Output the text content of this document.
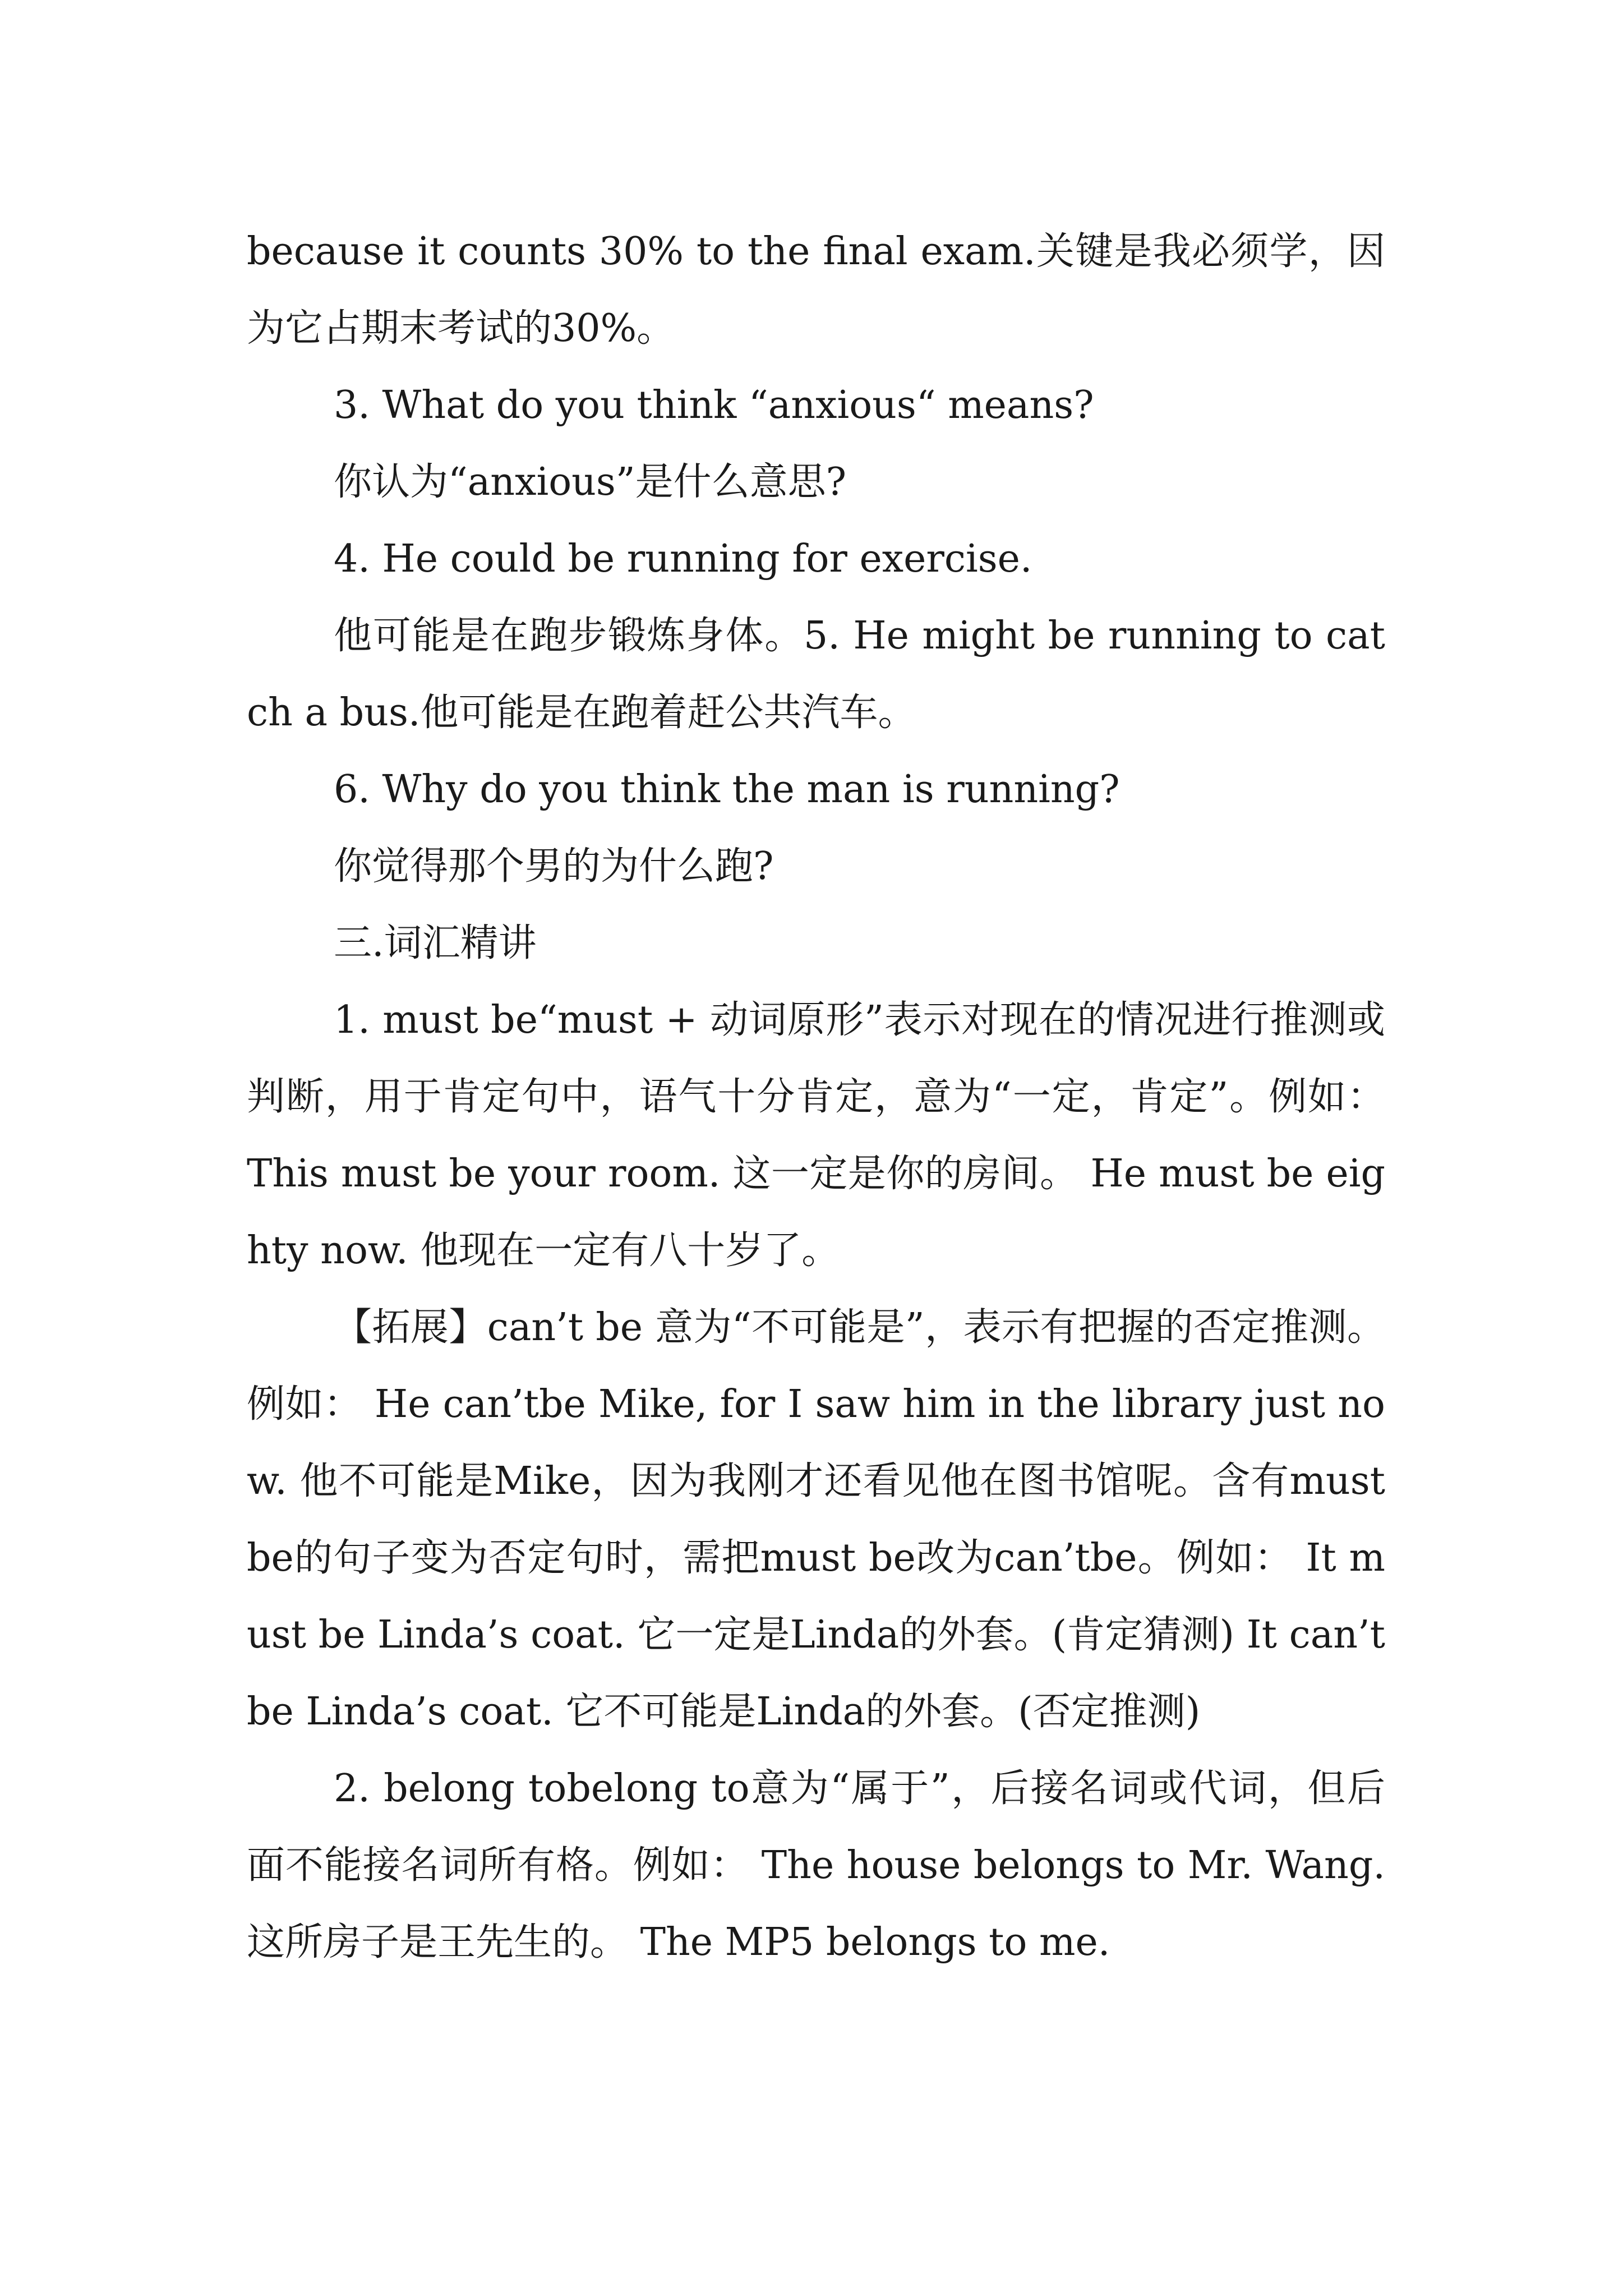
because it counts 30% to the final exam.关键是我必须学，因为它占期末考试的30%。

3. What do you think “anxious“ means?

你认为“anxious”是什么意思?

4. He could be running for exercise.

他可能是在跑步锻炼身体。5. He might be running to catch a bus.他可能是在跑着赶公共汽车。

6. Why do you think the man is running?

你觉得那个男的为什么跑?

三.词汇精讲

1. must be“must + 动词原形”表示对现在的情况进行推测或判断，用于肯定句中，语气十分肯定，意为“一定，肯定”。例如： This must be your room. 这一定是你的房间。 He must be eighty now. 他现在一定有八十岁了。

【拓展】can’t be 意为“不可能是”，表示有把握的否定推测。例如： He can’tbe Mike, for I saw him in the library just now. 他不可能是Mike，因为我刚才还看见他在图书馆呢。含有must be的句子变为否定句时，需把must be改为can’tbe。例如： It must be Linda’s coat. 它一定是Linda的外套。(肯定猜测) It can’t be Linda’s coat. 它不可能是Linda的外套。(否定推测)

2. belong tobelong to意为“属于”，后接名词或代词，但后面不能接名词所有格。例如： The house belongs to Mr. Wang.这所房子是王先生的。 The MP5 belongs to me.
